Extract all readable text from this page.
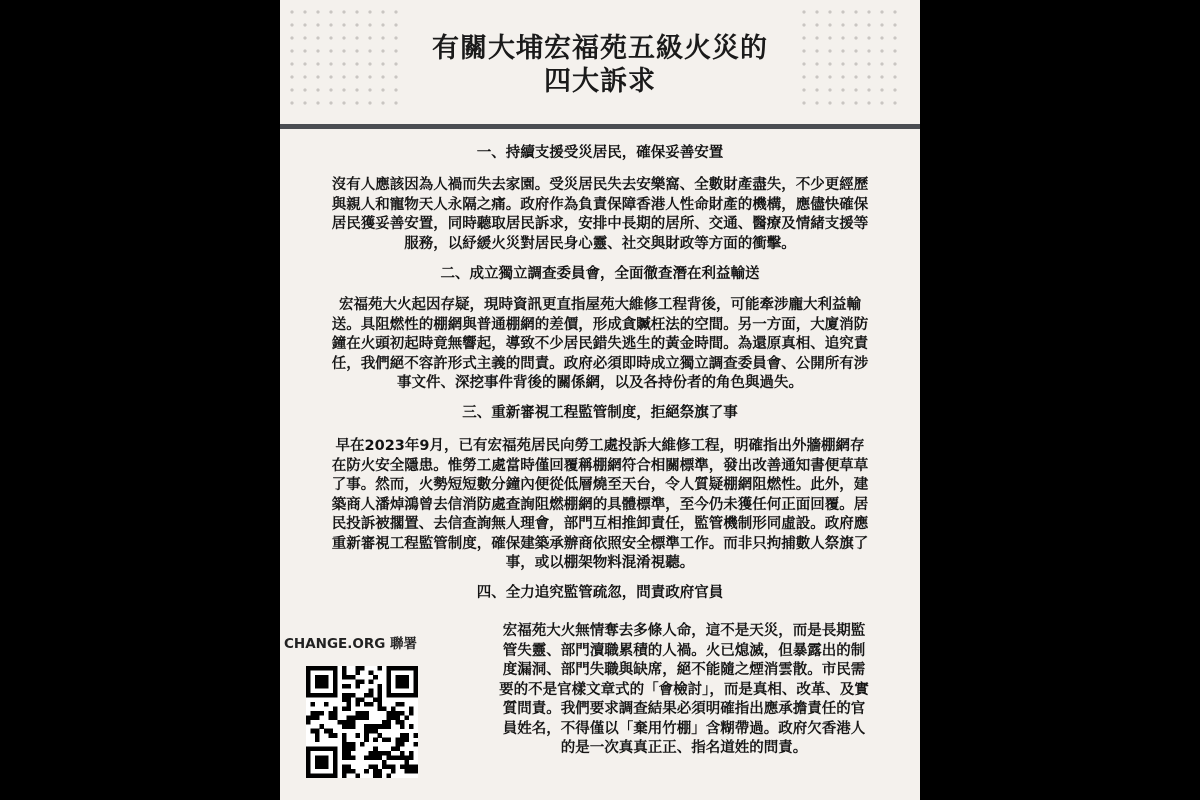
有關大埔宏福苑五級火災的
四大訴求
一、持續支援受災居民，確保妥善安置
沒有人應該因為人禍而失去家園。受災居民失去安樂窩、全數財產盡失，不少更經歷
與親人和寵物天人永隔之痛。政府作為負責保障香港人性命財產的機構，應儘快確保
居民獲妥善安置，同時聽取居民訴求，安排中長期的居所、交通、醫療及情緒支援等
服務，以紓緩火災對居民身心靈、社交與財政等方面的衝擊。
二、成立獨立調查委員會，全面徹查潛在利益輸送
宏福苑大火起因存疑，現時資訊更直指屋苑大維修工程背後，可能牽涉龐大利益輸
送。具阻燃性的棚網與普通棚網的差價，形成貪贓枉法的空間。另一方面，大廈消防
鐘在火頭初起時竟無響起，導致不少居民錯失逃生的黃金時間。為還原真相、追究責
任，我們絕不容許形式主義的問責。政府必須即時成立獨立調查委員會、公開所有涉
事文件、深挖事件背後的關係網，以及各持份者的角色與過失。
三、重新審視工程監管制度，拒絕祭旗了事
早在2023年9月，已有宏福苑居民向勞工處投訴大維修工程，明確指出外牆棚網存
在防火安全隱患。惟勞工處當時僅回覆稱棚網符合相關標準，發出改善通知書便草草
了事。然而，火勢短短數分鐘內便從低層燒至天台，令人質疑棚網阻燃性。此外，建
築商人潘焯鴻曾去信消防處查詢阻燃棚網的具體標準，至今仍未獲任何正面回覆。居
民投訴被擱置、去信查詢無人理會，部門互相推卸責任，監管機制形同虛設。政府應
重新審視工程監管制度，確保建築承辦商依照安全標準工作。而非只拘捕數人祭旗了
事，或以棚架物料混淆視聽。
四、全力追究監管疏忽，問責政府官員
宏福苑大火無情奪去多條人命，這不是天災，而是長期監
管失靈、部門瀆職累積的人禍。火已熄滅，但暴露出的制
度漏洞、部門失職與缺席，絕不能隨之煙消雲散。市民需
要的不是官樣文章式的「會檢討」，而是真相、改革、及實
質問責。我們要求調查結果必須明確指出應承擔責任的官
員姓名，不得僅以「棄用竹棚」含糊帶過。政府欠香港人
的是一次真真正正、指名道姓的問責。
CHANGE.ORG 聯署
